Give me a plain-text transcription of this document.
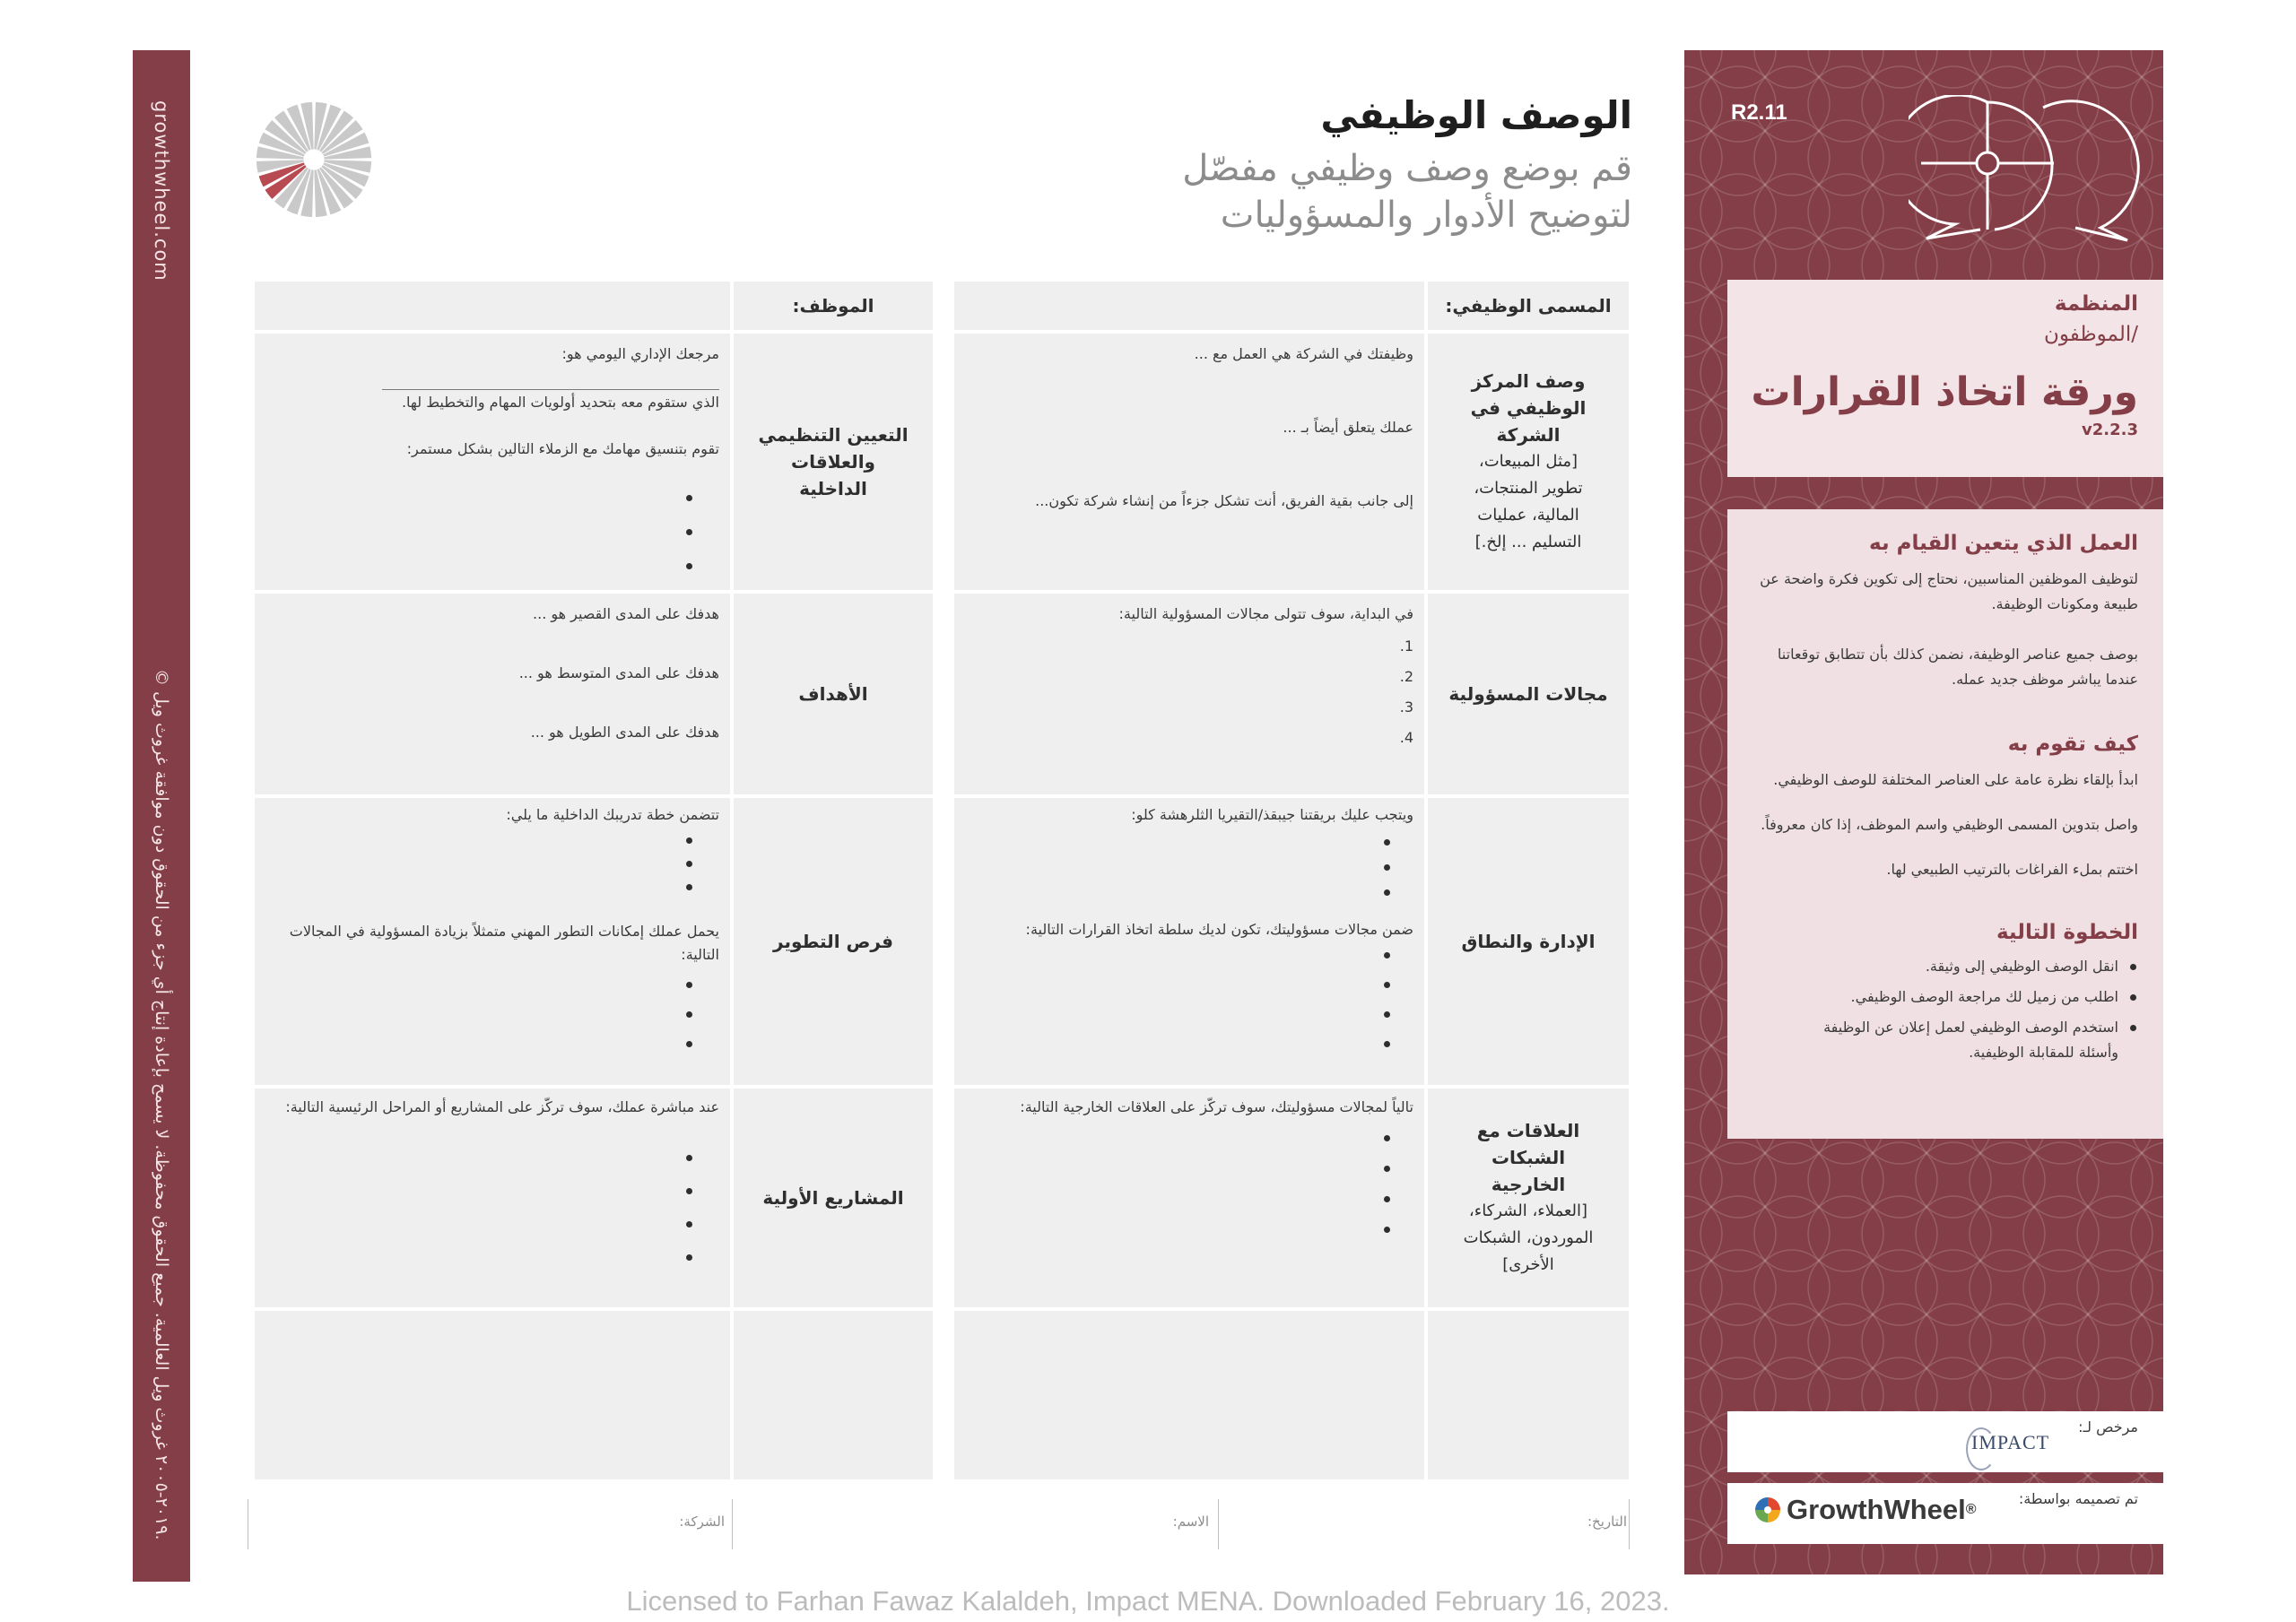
growthwheel.com
© ٢٠١٩-٢٠٠٥ غروث ويل العالمية. جميع الحقوق محفوظة. لا يسمح بإعادة إنتاج أي جزء من الحقوق دون موافقة غروث ويل.
الوصف الوظيفي
قم بوضع وصف وظيفي مفصّل لتوضيح الأدوار والمسؤوليات
المسمى الوظيفي:
الموظف:
وصف المركز الوظيفي في الشركة
[مثل المبيعات، تطوير المنتجات، المالية، عمليات التسليم ... إلخ.]

وظيفتك في الشركة هي العمل مع ...

عملك يتعلق أيضاً بـ ...

إلى جانب بقية الفريق، أنت تشكل جزءاً من إنشاء شركة تكون...

التعيين التنظيمي والعلاقات الداخلية

مرجعك الإداري اليومي هو:

الذي ستقوم معه بتحديد أولويات المهام والتخطيط لها.

تقوم بتنسيق مهامك مع الزملاء التالين بشكل مستمر:

مجالات المسؤولية

في البداية، سوف تتولى مجالات المسؤولية التالية:

1.

2.

3.

4.

الأهداف

هدفك على المدى القصير هو ...

هدفك على المدى المتوسط هو ...

هدفك على المدى الطويل هو ...

الإدارة والنطاق

ويتجب عليك بريقتنا جيبقذ/التقيريا الثلرهشة كلو:

ضمن مجالات مسؤوليتك، تكون لديك سلطة اتخاذ القرارات التالية:

فرص التطوير

تتضمن خطة تدريبك الداخلية ما يلي:

يحمل عملك إمكانات التطور المهني متمثلاً بزيادة المسؤولية في المجالات التالية:

العلاقات مع الشبكات الخارجية
[العملاء، الشركاء، الموردون، الشبكات الأخرى]

تالياً لمجالات مسؤوليتك، سوف تركّز على العلاقات الخارجية التالية:

المشاريع الأولية

عند مباشرة عملك، سوف تركّز على المشاريع أو المراحل الرئيسية التالية:

التاريخ:
الاسم:
الشركة:
Licensed to Farhan Fawaz Kalaldeh, Impact MENA. Downloaded February 16, 2023.
R2.11
المنظمة
/الموظفون
ورقة اتخاذ القرارات
v2.2.3
العمل الذي يتعين القيام به
لتوظيف الموظفين المناسبين، نحتاج إلى تكوين فكرة واضحة عن طبيعة ومكونات الوظيفة.
بوصف جميع عناصر الوظيفة، نضمن كذلك بأن تتطابق توقعاتنا عندما يباشر موظف جديد عمله.
كيف تقوم به
ابدأ بإلقاء نظرة عامة على العناصر المختلفة للوصف الوظيفي.
واصل بتدوين المسمى الوظيفي واسم الموظف، إذا كان معروفاً.
اختتم بملء الفراغات بالترتيب الطبيعي لها.
الخطوة التالية
انقل الوصف الوظيفي إلى وثيقة.
اطلب من زميل لك مراجعة الوصف الوظيفي.
استخدم الوصف الوظيفي لعمل إعلان عن الوظيفة وأسئلة للمقابلة الوظيفية.
مرخص لـ:
IMPACT
تم تصميمه بواسطة:
GrowthWheel ®
